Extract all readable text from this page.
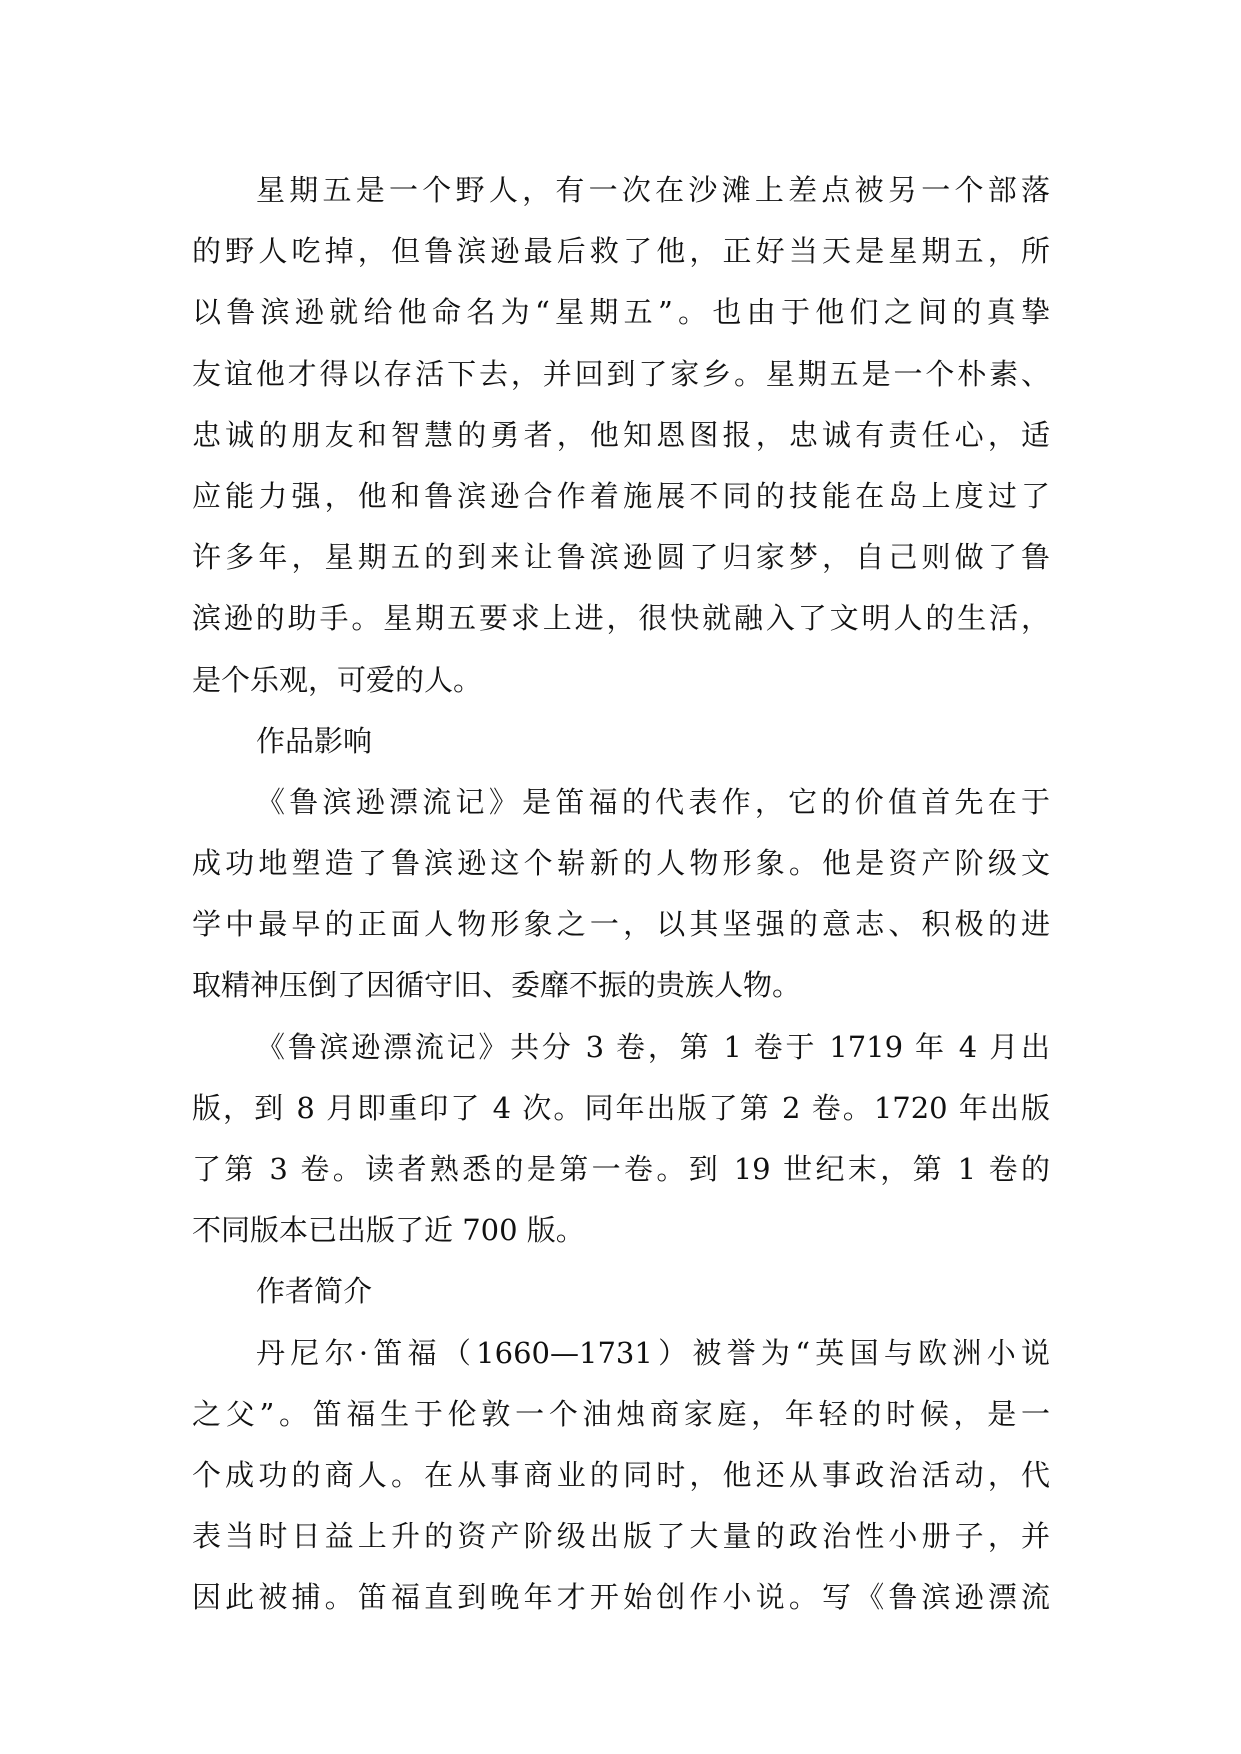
星期五是一个野人，有一次在沙滩上差点被另一个部落
的野人吃掉，但鲁滨逊最后救了他，正好当天是星期五，所
以鲁滨逊就给他命名为“星期五”。也由于他们之间的真挚
友谊他才得以存活下去，并回到了家乡。星期五是一个朴素、
忠诚的朋友和智慧的勇者，他知恩图报，忠诚有责任心，适
应能力强，他和鲁滨逊合作着施展不同的技能在岛上度过了
许多年，星期五的到来让鲁滨逊圆了归家梦，自己则做了鲁
滨逊的助手。星期五要求上进，很快就融入了文明人的生活，
是个乐观，可爱的人。
作品影响
《鲁滨逊漂流记》是笛福的代表作，它的价值首先在于
成功地塑造了鲁滨逊这个崭新的人物形象。他是资产阶级文
学中最早的正面人物形象之一，以其坚强的意志、积极的进
取精神压倒了因循守旧、委靡不振的贵族人物。
《鲁滨逊漂流记》共分 3 卷，第 1 卷于 1719 年 4 月出
版，到 8 月即重印了 4 次。同年出版了第 2 卷。1720 年出版
了第 3 卷。读者熟悉的是第一卷。到 19 世纪末，第 1 卷的
不同版本已出版了近 700 版。
作者简介
丹尼尔·笛福（1660—1731）被誉为“英国与欧洲小说
之父”。笛福生于伦敦一个油烛商家庭，年轻的时候，是一
个成功的商人。在从事商业的同时，他还从事政治活动，代
表当时日益上升的资产阶级出版了大量的政治性小册子，并
因此被捕。笛福直到晚年才开始创作小说。写《鲁滨逊漂流
